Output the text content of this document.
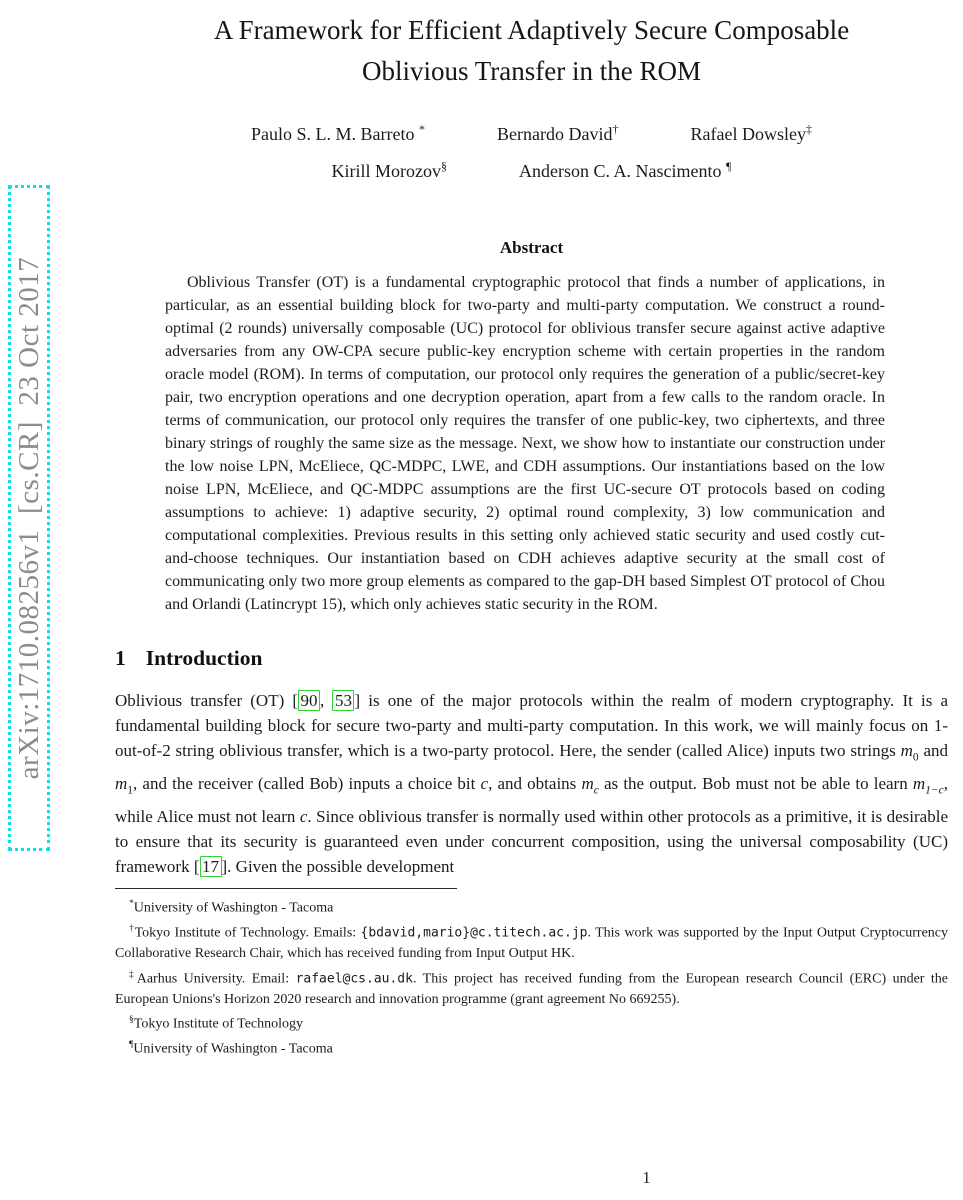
arXiv:1710.08256v1  [cs.CR]  23 Oct 2017
A Framework for Efficient Adaptively Secure Composable
Oblivious Transfer in the ROM
Paulo S. L. M. Barreto *	Bernardo David†	Rafael Dowsley‡
Kirill Morozov§	Anderson C. A. Nascimento ¶
Abstract

Oblivious Transfer (OT) is a fundamental cryptographic protocol that finds a number of applications, in particular, as an essential building block for two-party and multi-party computation. We construct a round-optimal (2 rounds) universally composable (UC) protocol for oblivious transfer secure against active adaptive adversaries from any OW-CPA secure public-key encryption scheme with certain properties in the random oracle model (ROM). In terms of computation, our protocol only requires the generation of a public/secret-key pair, two encryption operations and one decryption operation, apart from a few calls to the random oracle. In terms of communication, our protocol only requires the transfer of one public-key, two ciphertexts, and three binary strings of roughly the same size as the message. Next, we show how to instantiate our construction under the low noise LPN, McEliece, QC-MDPC, LWE, and CDH assumptions. Our instantiations based on the low noise LPN, McEliece, and QC-MDPC assumptions are the first UC-secure OT protocols based on coding assumptions to achieve: 1) adaptive security, 2) optimal round complexity, 3) low communication and computational complexities. Previous results in this setting only achieved static security and used costly cut-and-choose techniques. Our instantiation based on CDH achieves adaptive security at the small cost of communicating only two more group elements as compared to the gap-DH based Simplest OT protocol of Chou and Orlandi (Latincrypt 15), which only achieves static security in the ROM.

1 Introduction

Oblivious transfer (OT) [ 90 , 53 ] is one of the major protocols within the realm of modern cryptography. It is a fundamental building block for secure two-party and multi-party computation. In this work, we will mainly focus on 1-out-of-2 string oblivious transfer, which is a two-party protocol. Here, the sender (called Alice) inputs two strings $m_0$ and $m_1$, and the receiver (called Bob) inputs a choice bit c, and obtains $m_c$ as the output. Bob must not be able to learn $m_{1-c}$, while Alice must not learn c. Since oblivious transfer is normally used within other protocols as a primitive, it is desirable to ensure that its security is guaranteed even under concurrent composition, using the universal composability (UC) framework [ 17 ]. Given the possible development

*University of Washington - Tacoma
†Tokyo Institute of Technology. Emails: {bdavid,mario}@c.titech.ac.jp. This work was supported by the Input Output Cryptocurrency Collaborative Research Chair, which has received funding from Input Output HK.
‡Aarhus University. Email: rafael@cs.au.dk. This project has received funding from the European research Council (ERC) under the European Unions's Horizon 2020 research and innovation programme (grant agreement No 669255).
§Tokyo Institute of Technology
¶University of Washington - Tacoma
1
